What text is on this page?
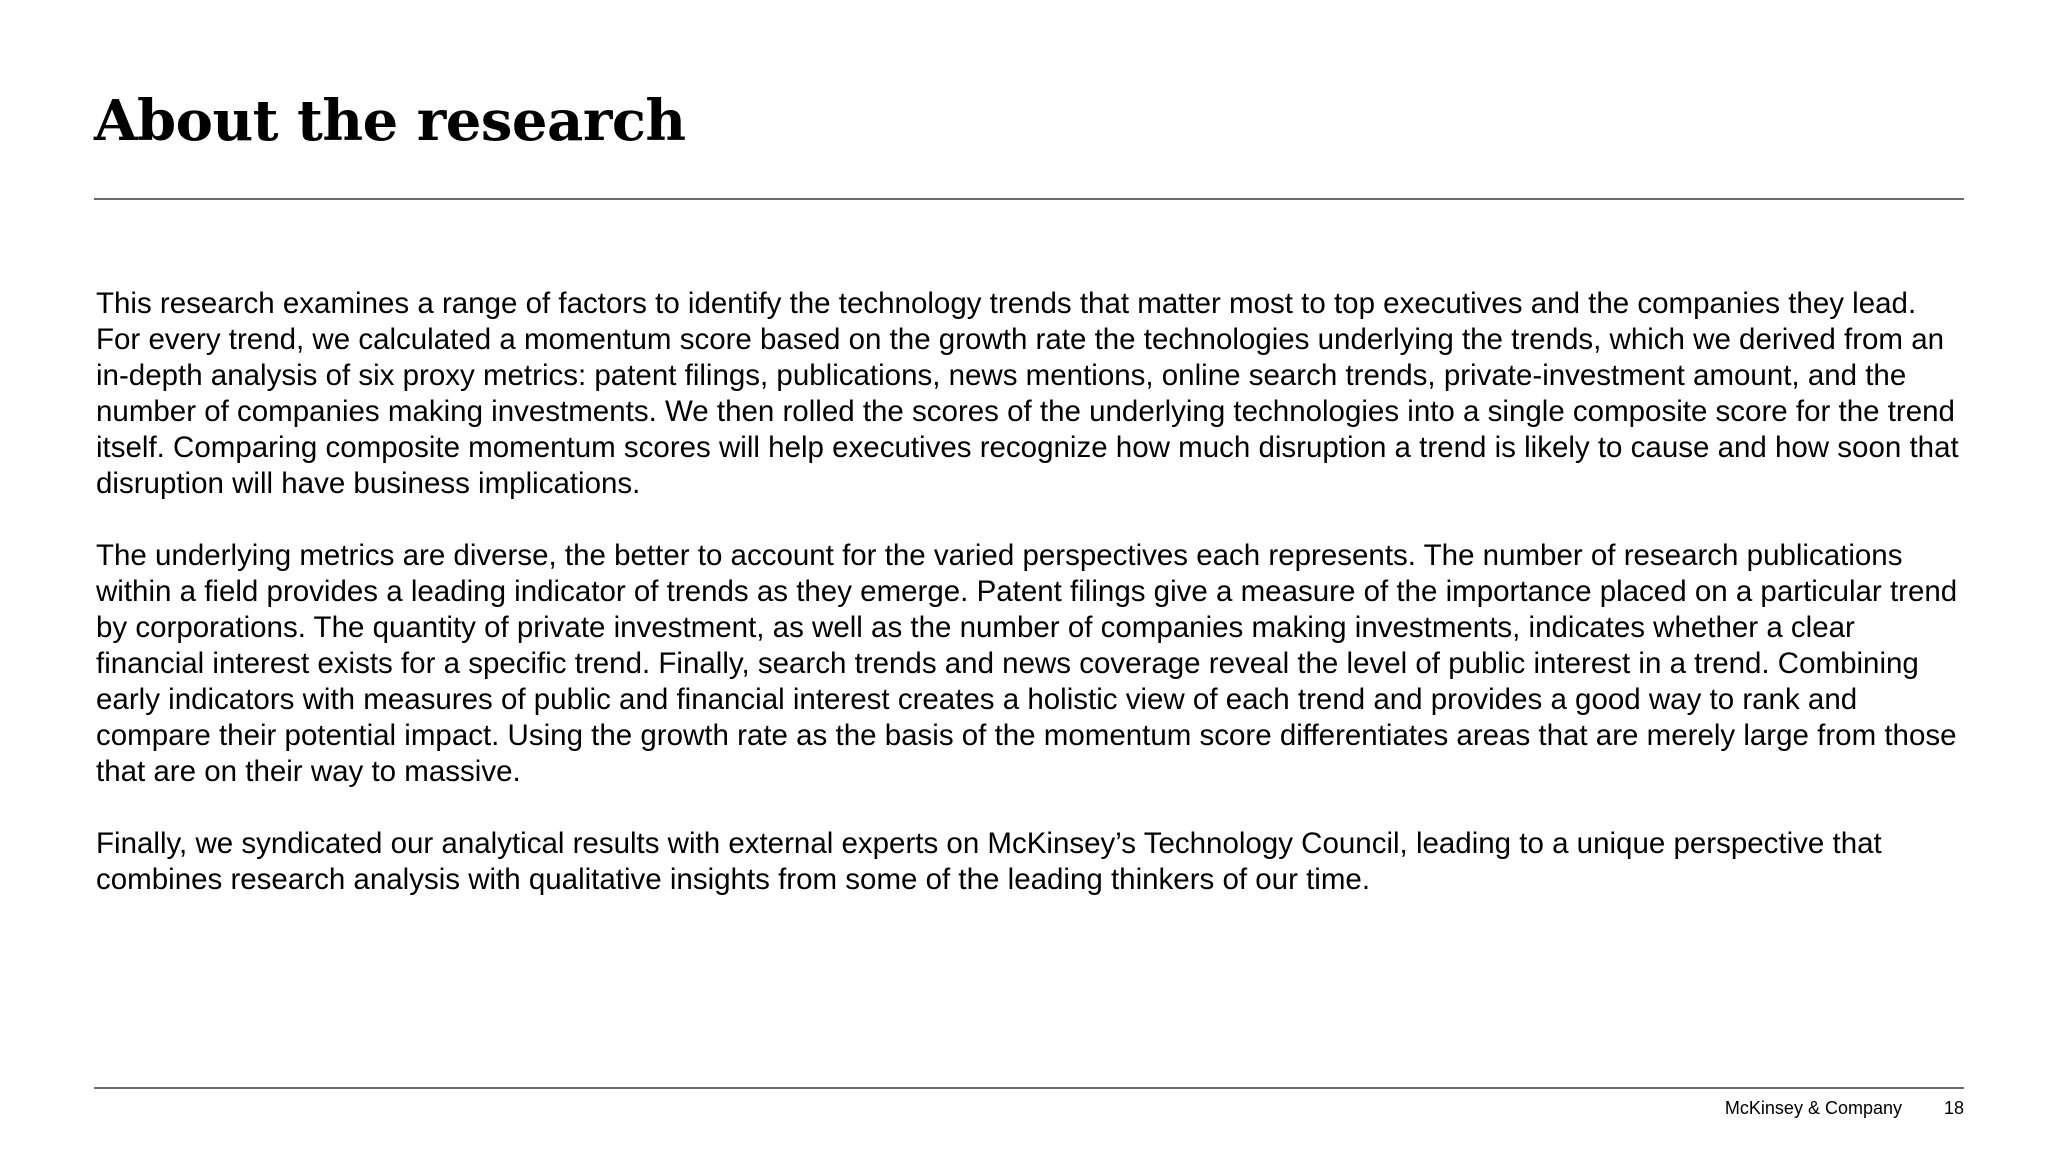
About the research

This research examines a range of factors to identify the technology trends that matter most to top executives and the companies they lead. For every trend, we calculated a momentum score based on the growth rate the technologies underlying the trends, which we derived from an in-depth analysis of six proxy metrics: patent filings, publications, news mentions, online search trends, private-investment amount, and the number of companies making investments. We then rolled the scores of the underlying technologies into a single composite score for the trend itself. Comparing composite momentum scores will help executives recognize how much disruption a trend is likely to cause and how soon that disruption will have business implications.

The underlying metrics are diverse, the better to account for the varied perspectives each represents. The number of research publications within a field provides a leading indicator of trends as they emerge. Patent filings give a measure of the importance placed on a particular trend by corporations. The quantity of private investment, as well as the number of companies making investments, indicates whether a clear financial interest exists for a specific trend. Finally, search trends and news coverage reveal the level of public interest in a trend. Combining early indicators with measures of public and financial interest creates a holistic view of each trend and provides a good way to rank and compare their potential impact. Using the growth rate as the basis of the momentum score differentiates areas that are merely large from those that are on their way to massive.

Finally, we syndicated our analytical results with external experts on McKinsey’s Technology Council, leading to a unique perspective that combines research analysis with qualitative insights from some of the leading thinkers of our time.

McKinsey & Company 18
